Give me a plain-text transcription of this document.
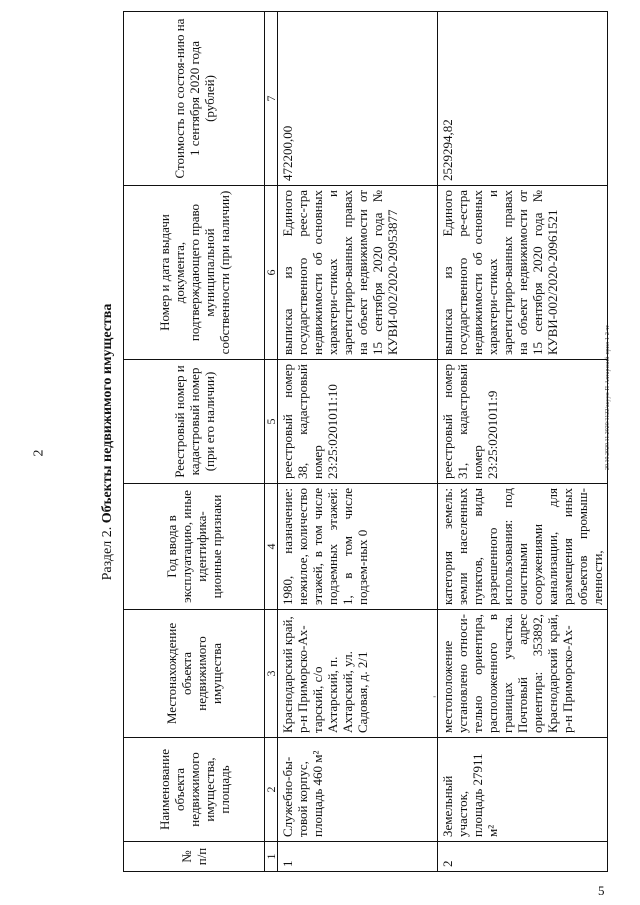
2
5
20.10.2020.11.2020/1122/акуун-П-Ахтарский-прил-1-2 чт
-
Раздел 2. Объекты недвижимого имущества
№ п/п	Наименование объекта недвижимого имущества, площадь	Местонахождение объекта недвижимого имущества	Год ввода в эксплуатацию, иные идентифика-ционные признаки	Реестровый номер и кадастровый номер (при его наличии)	Номер и дата выдачи документа, подтверждающего право муниципальной собственности (при наличии)	Стоимость по состоя-нию на 1 сентября 2020 года (рублей)
1	2	3	4	5	6	7
1	Служебно-бы-товой корпус, площадь 460 м²	Краснодарский край, р-н Приморско-Ах-тарский, с/о Ахтарский, п. Ахтарский, ул. Садовая, д. 2/1	1980, назначение: нежилое, количество этажей, в том числе подземных этажей: 1, в том числе подзем-ных 0	реестровый номер 38, кадастровый номер 23:25:0201011:10	выписка из Единого государственного реес-тра недвижимости об основных характери-стиках и зарегистриро-ванных правах на объект недвижимости от 15 сентября 2020 года № КУВИ-002/2020-20953877	472200,00
2	Земельный участок, площадь 27911 м²	местоположение установлено относи-тельно ориентира, расположенного в границах участка. Почтовый адрес ориентира: 353892, Краснодарский край, р-н Приморско-Ах-	категория земель: земли населенных пунктов, виды разрешенного использования: под очистными сооружениями канализации, для размещения иных объектов промыш-ленности,	реестровый номер 31, кадастровый номер 23:25:0201011:9	выписка из Единого государственного ре-естра недвижимости об основных характери-стиках и зарегистриро-ванных правах на объект недвижимости от 15 сентября 2020 года № КУВИ-002/2020-20961521	2529294,82
